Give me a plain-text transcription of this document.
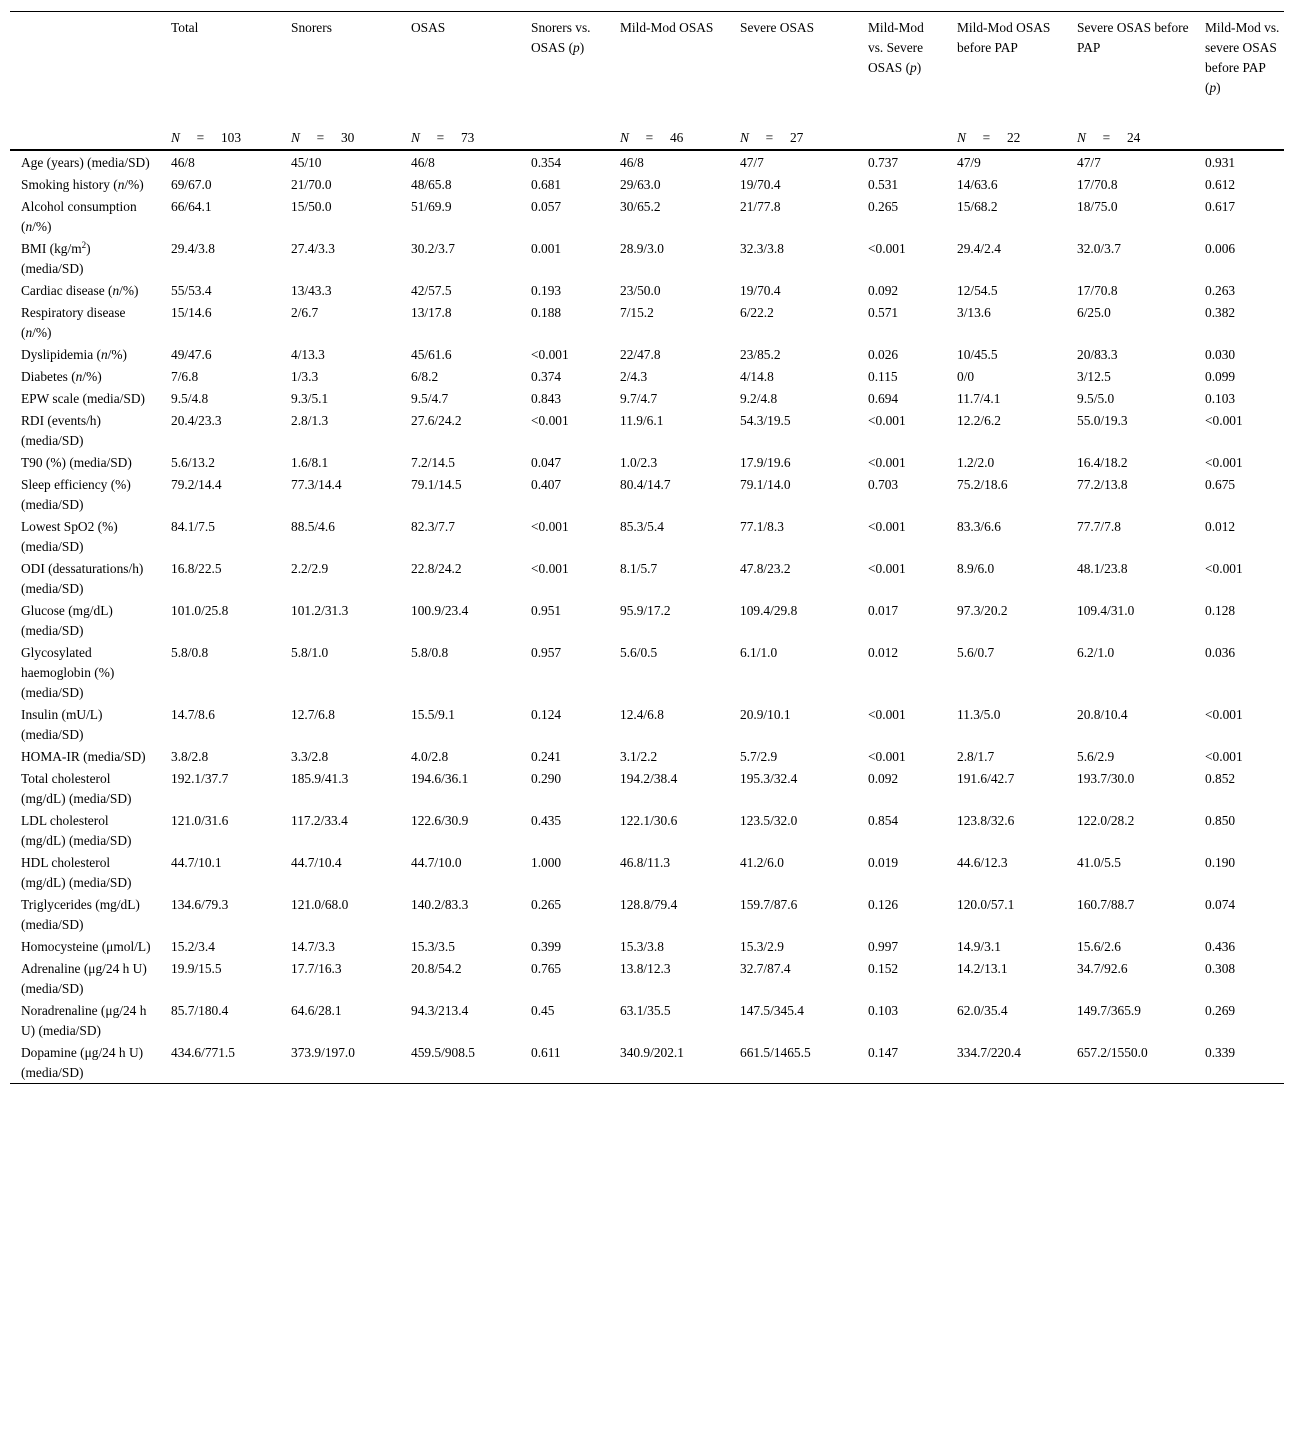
	Total	Snorers	OSAS	Snorers vs. OSAS (p)	Mild-Mod OSAS	Severe OSAS	Mild-Mod vs. Severe OSAS (p)	Mild-Mod OSAS before PAP	Severe OSAS before PAP	Mild-Mod vs. severe OSAS before PAP (p)
	N     =     103	N     =     30	N     =     73		N     =     46	N     =     27		N     =     22	N     =     24	
Age (years) (media/SD)	46/8	45/10	46/8	0.354	46/8	47/7	0.737	47/9	47/7	0.931
Smoking history (n/%)	69/67.0	21/70.0	48/65.8	0.681	29/63.0	19/70.4	0.531	14/63.6	17/70.8	0.612
Alcohol consumption (n/%)	66/64.1	15/50.0	51/69.9	0.057	30/65.2	21/77.8	0.265	15/68.2	18/75.0	0.617
BMI $(kg/m^2)$ (media/SD)	29.4/3.8	27.4/3.3	30.2/3.7	0.001	28.9/3.0	32.3/3.8	<0.001	29.4/2.4	32.0/3.7	0.006
Cardiac disease (n/%)	55/53.4	13/43.3	42/57.5	0.193	23/50.0	19/70.4	0.092	12/54.5	17/70.8	0.263
Respiratory disease (n/%)	15/14.6	2/6.7	13/17.8	0.188	7/15.2	6/22.2	0.571	3/13.6	6/25.0	0.382
Dyslipidemia (n/%)	49/47.6	4/13.3	45/61.6	<0.001	22/47.8	23/85.2	0.026	10/45.5	20/83.3	0.030
Diabetes (n/%)	7/6.8	1/3.3	6/8.2	0.374	2/4.3	4/14.8	0.115	0/0	3/12.5	0.099
EPW scale (media/SD)	9.5/4.8	9.3/5.1	9.5/4.7	0.843	9.7/4.7	9.2/4.8	0.694	11.7/4.1	9.5/5.0	0.103
RDI (events/h) (media/SD)	20.4/23.3	2.8/1.3	27.6/24.2	<0.001	11.9/6.1	54.3/19.5	<0.001	12.2/6.2	55.0/19.3	<0.001
T90 (%) (media/SD)	5.6/13.2	1.6/8.1	7.2/14.5	0.047	1.0/2.3	17.9/19.6	<0.001	1.2/2.0	16.4/18.2	<0.001
Sleep efficiency (%) (media/SD)	79.2/14.4	77.3/14.4	79.1/14.5	0.407	80.4/14.7	79.1/14.0	0.703	75.2/18.6	77.2/13.8	0.675
Lowest SpO2 (%) (media/SD)	84.1/7.5	88.5/4.6	82.3/7.7	<0.001	85.3/5.4	77.1/8.3	<0.001	83.3/6.6	77.7/7.8	0.012
ODI (dessaturations/h) (media/SD)	16.8/22.5	2.2/2.9	22.8/24.2	<0.001	8.1/5.7	47.8/23.2	<0.001	8.9/6.0	48.1/23.8	<0.001
Glucose (mg/dL) (media/SD)	101.0/25.8	101.2/31.3	100.9/23.4	0.951	95.9/17.2	109.4/29.8	0.017	97.3/20.2	109.4/31.0	0.128
Glycosylated haemoglobin (%) (media/SD)	5.8/0.8	5.8/1.0	5.8/0.8	0.957	5.6/0.5	6.1/1.0	0.012	5.6/0.7	6.2/1.0	0.036
Insulin (mU/L) (media/SD)	14.7/8.6	12.7/6.8	15.5/9.1	0.124	12.4/6.8	20.9/10.1	<0.001	11.3/5.0	20.8/10.4	<0.001
HOMA-IR (media/SD)	3.8/2.8	3.3/2.8	4.0/2.8	0.241	3.1/2.2	5.7/2.9	<0.001	2.8/1.7	5.6/2.9	<0.001
Total cholesterol (mg/dL) (media/SD)	192.1/37.7	185.9/41.3	194.6/36.1	0.290	194.2/38.4	195.3/32.4	0.092	191.6/42.7	193.7/30.0	0.852
LDL cholesterol (mg/dL) (media/SD)	121.0/31.6	117.2/33.4	122.6/30.9	0.435	122.1/30.6	123.5/32.0	0.854	123.8/32.6	122.0/28.2	0.850
HDL cholesterol (mg/dL) (media/SD)	44.7/10.1	44.7/10.4	44.7/10.0	1.000	46.8/11.3	41.2/6.0	0.019	44.6/12.3	41.0/5.5	0.190
Triglycerides (mg/dL) (media/SD)	134.6/79.3	121.0/68.0	140.2/83.3	0.265	128.8/79.4	159.7/87.6	0.126	120.0/57.1	160.7/88.7	0.074
Homocysteine (μmol/L)	15.2/3.4	14.7/3.3	15.3/3.5	0.399	15.3/3.8	15.3/2.9	0.997	14.9/3.1	15.6/2.6	0.436
Adrenaline (μg/24 h U) (media/SD)	19.9/15.5	17.7/16.3	20.8/54.2	0.765	13.8/12.3	32.7/87.4	0.152	14.2/13.1	34.7/92.6	0.308
Noradrenaline (μg/24 h U) (media/SD)	85.7/180.4	64.6/28.1	94.3/213.4	0.45	63.1/35.5	147.5/345.4	0.103	62.0/35.4	149.7/365.9	0.269
Dopamine (μg/24 h U) (media/SD)	434.6/771.5	373.9/197.0	459.5/908.5	0.611	340.9/202.1	661.5/1465.5	0.147	334.7/220.4	657.2/1550.0	0.339
